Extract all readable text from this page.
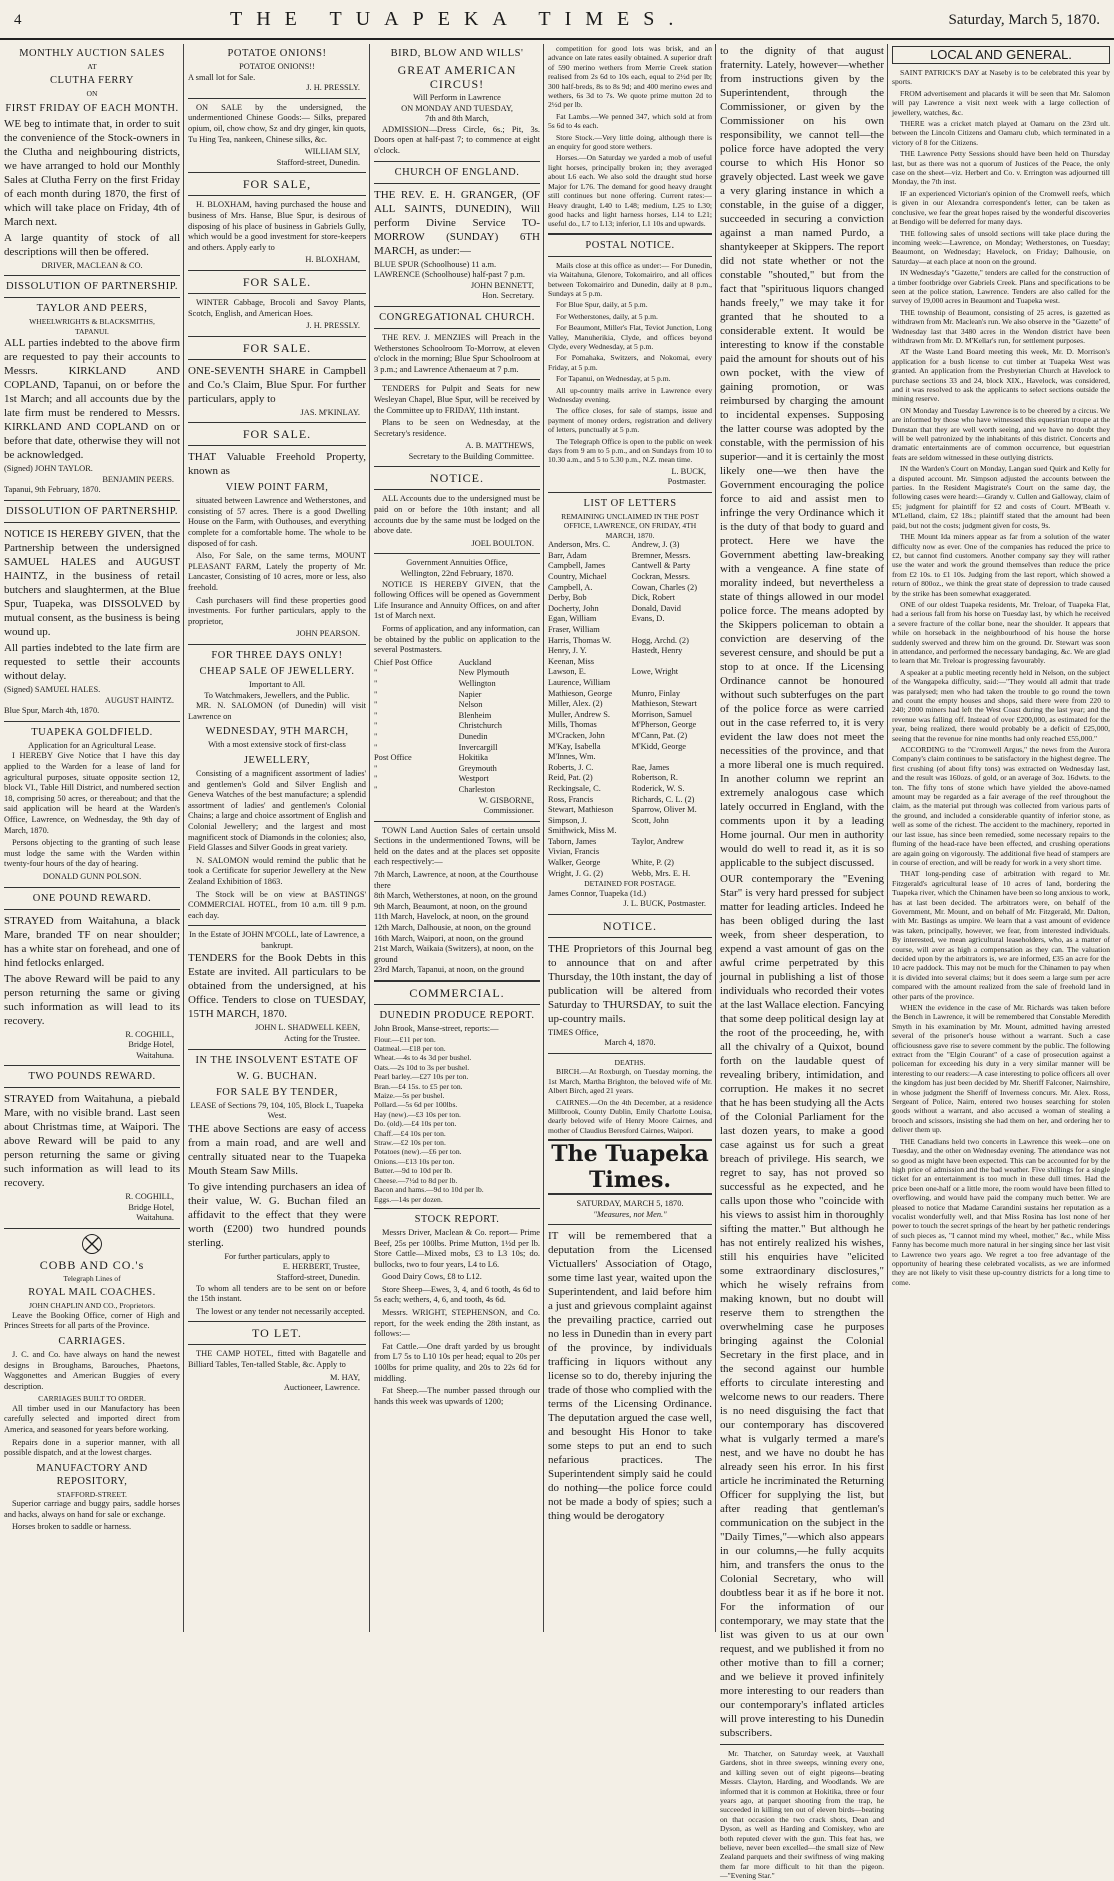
4	THE TUAPEKA TIMES.	Saturday, March 5, 1870.
MONTHLY AUCTION SALES
AT
CLUTHA FERRY
ON
FIRST FRIDAY OF EACH MONTH.

WE beg to intimate that, in order to suit the convenience of the Stock-owners in the Clutha and neighbouring districts, we have arranged to hold our Monthly Sales at Clutha Ferry on the first Friday of each month during 1870, the first of which will take place on Friday, 4th of March next.

A large quantity of stock of all descriptions will then be offered.

DRIVER, MACLEAN & CO.
DISSOLUTION OF PARTNERSHIP.
TAYLOR AND PEERS,
WHEELWRIGHTS & BLACKSMITHS,
TAPANUI.

ALL parties indebted to the above firm are requested to pay their accounts to Messrs. KIRKLAND AND COPLAND, Tapanui, on or before the 1st March; and all accounts due by the late firm must be rendered to Messrs. KIRKLAND AND COPLAND on or before that date, otherwise they will not be acknowledged.

(Signed) JOHN TAYLOR.
BENJAMIN PEERS.
Tapanui, 9th February, 1870.
DISSOLUTION OF PARTNERSHIP.

NOTICE IS HEREBY GIVEN, that the Partnership between the undersigned SAMUEL HALES and AUGUST HAINTZ, in the business of retail butchers and slaughtermen, at the Blue Spur, Tuapeka, was DISSOLVED by mutual consent, as the business is being wound up.

All parties indebted to the late firm are requested to settle their accounts without delay.

(Signed) SAMUEL HALES.
AUGUST HAINTZ.
Blue Spur, March 4th, 1870.
TUAPEKA GOLDFIELD.
Application for an Agricultural Lease.

I HEREBY Give Notice that I have this day applied to the Warden for a lease of land for agricultural purposes, situate opposite section 12, block VI., Table Hill District, and numbered section 18, comprising 50 acres, or thereabout; and that the said application will be heard at the Warden's Office, Lawrence, on Wednesday, the 9th day of March, 1870.

Persons objecting to the granting of such lease must lodge the same with the Warden within twenty-four hours of the day of hearing.

DONALD GUNN POLSON.
ONE POUND REWARD.

STRAYED from Waitahuna, a black Mare, branded TF on near shoulder; has a white star on forehead, and one of hind fetlocks enlarged.

The above Reward will be paid to any person returning the same or giving such information as will lead to its recovery.

R. COGHILL,
Bridge Hotel,
Waitahuna.
TWO POUNDS REWARD.

STRAYED from Waitahuna, a piebald Mare, with no visible brand. Last seen about Christmas time, at Waipori. The above Reward will be paid to any person returning the same or giving such information as will lead to its recovery.

R. COGHILL,
Bridge Hotel,
Waitahuna.
⛒
COBB AND CO.'s
Telegraph Lines of
ROYAL MAIL COACHES.
JOHN CHAPLIN AND CO., Proprietors.

Leave the Booking Office, corner of High and Princes Streets for all parts of the Province.

CARRIAGES.

J. C. and Co. have always on hand the newest designs in Broughams, Barouches, Phaetons, Waggonettes and American Buggies of every description.

CARRIAGES BUILT TO ORDER.

All timber used in our Manufactory has been carefully selected and imported direct from America, and seasoned for years before working.

Repairs done in a superior manner, with all possible dispatch, and at the lowest charges.

MANUFACTORY AND REPOSITORY,
STAFFORD-STREET.

Superior carriage and buggy pairs, saddle horses and hacks, always on hand for sale or exchange.

Horses broken to saddle or harness.

POTATOE ONIONS!
POTATOE ONIONS!!
A small lot for Sale.
J. H. PRESSLY.

ON SALE by the undersigned, the undermentioned Chinese Goods:— Silks, prepared opium, oil, chow chow, Sz and dry ginger, kin quots, Tu Hing Tea, nankeen, Chinese silks, &c.

WILLIAM SLY,
Stafford-street, Dunedin.
FOR SALE,

H. BLOXHAM, having purchased the house and business of Mrs. Hanse, Blue Spur, is desirous of disposing of his place of business in Gabriels Gully, which would be a good investment for store-keepers and others. Apply early to

H. BLOXHAM,
FOR SALE.

WINTER Cabbage, Brocoli and Savoy Plants, Scotch, English, and American Hoes.

J. H. PRESSLY.
FOR SALE.

ONE-SEVENTH SHARE in Campbell and Co.'s Claim, Blue Spur. For further particulars, apply to

JAS. M'KINLAY.
FOR SALE.

THAT Valuable Freehold Property, known as

VIEW POINT FARM,

situated between Lawrence and Wetherstones, and consisting of 57 acres. There is a good Dwelling House on the Farm, with Outhouses, and everything complete for a comfortable home. The whole to be disposed of for cash.

Also, For Sale, on the same terms, MOUNT PLEASANT FARM, Lately the property of Mr. Lancaster, Consisting of 10 acres, more or less, also freehold.

Cash purchasers will find these properties good investments. For further particulars, apply to the proprietor,

JOHN PEARSON.
FOR THREE DAYS ONLY!
CHEAP SALE OF JEWELLERY.
Important to All.
To Watchmakers, Jewellers, and the Public.

MR. N. SALOMON (of Dunedin) will visit Lawrence on

WEDNESDAY, 9TH MARCH,
With a most extensive stock of first-class
JEWELLERY,

Consisting of a magnificent assortment of ladies' and gentlemen's Gold and Silver English and Geneva Watches of the best manufacture; a splendid assortment of ladies' and gentlemen's Colonial Chains; a large and choice assortment of English and Colonial Jewellery; and the largest and most magnificent stock of Diamonds in the colonies; also, Field Glasses and Silver Goods in great variety.

N. SALOMON would remind the public that he took a Certificate for superior Jewellery at the New Zealand Exhibition of 1863.

The Stock will be on view at BASTINGS' COMMERCIAL HOTEL, from 10 a.m. till 9 p.m. each day.

In the Estate of JOHN M'COLL, late of Lawrence, a bankrupt.

TENDERS for the Book Debts in this Estate are invited. All particulars to be obtained from the undersigned, at his Office. Tenders to close on TUESDAY, 15TH MARCH, 1870.

JOHN L. SHADWELL KEEN,
Acting for the Trustee.
IN THE INSOLVENT ESTATE OF
W. G. BUCHAN.
FOR SALE BY TENDER,
LEASE of Sections 79, 104, 105, Block I., Tuapeka West.

THE above Sections are easy of access from a main road, and are well and centrally situated near to the Tuapeka Mouth Steam Saw Mills.

To give intending purchasers an idea of their value, W. G. Buchan filed an affidavit to the effect that they were worth (£200) two hundred pounds sterling.

For further particulars, apply to
E. HERBERT, Trustee,
Stafford-street, Dunedin.

To whom all tenders are to be sent on or before the 15th instant.

The lowest or any tender not necessarily accepted.

TO LET.

THE CAMP HOTEL, fitted with Bagatelle and Billiard Tables, Ten-talled Stable, &c. Apply to

M. HAY,
Auctioneer, Lawrence.
BIRD, BLOW AND WILLS'
GREAT AMERICAN CIRCUS!
Will Perform in Lawrence
ON MONDAY AND TUESDAY,
7th and 8th March,

ADMISSION—Dress Circle, 6s.; Pit, 3s. Doors open at half-past 7; to commence at eight o'clock.

CHURCH OF ENGLAND.

THE REV. E. H. GRANGER, (OF ALL SAINTS, DUNEDIN), Will perform Divine Service TO-MORROW (SUNDAY) 6TH MARCH, as under:—

BLUE SPUR (Schoolhouse) 11 a.m.
LAWRENCE (Schoolhouse) half-past 7 p.m.
JOHN BENNETT,
Hon. Secretary.
CONGREGATIONAL CHURCH.

THE REV. J. MENZIES will Preach in the Wetherstones Schoolroom To-Morrow, at eleven o'clock in the morning; Blue Spur Schoolroom at 3 p.m.; and Lawrence Athenaeum at 7 p.m.

TENDERS for Pulpit and Seats for new Wesleyan Chapel, Blue Spur, will be received by the Committee up to FRIDAY, 11th instant.

Plans to be seen on Wednesday, at the Secretary's residence.

A. B. MATTHEWS,
Secretary to the Building Committee.
NOTICE.

ALL Accounts due to the undersigned must be paid on or before the 10th instant; and all accounts due by the same must be lodged on the above date.

JOEL BOULTON.
Government Annuities Office,
Wellington, 22nd February, 1870.

NOTICE IS HEREBY GIVEN, that the following Offices will be opened as Government Life Insurance and Annuity Offices, on and after 1st of March next.

Forms of application, and any information, can be obtained by the public on application to the several Postmasters.

Chief Post Office	Auckland
"	New Plymouth
"	Wellington
"	Napier
"	Nelson
"	Blenheim
"	Christchurch
"	Dunedin
"	Invercargill
Post Office	Hokitika
"	Greymouth
"	Westport
"	Charleston
W. GISBORNE,
Commissioner.

TOWN Land Auction Sales of certain unsold Sections in the undermentioned Towns, will be held on the dates and at the places set opposite each respectively:—

7th March, Lawrence, at noon, at the Courthouse there
8th March, Wetherstones, at noon, on the ground
9th March, Beaumont, at noon, on the ground
11th March, Havelock, at noon, on the ground
12th March, Dalhousie, at noon, on the ground
16th March, Waipori, at noon, on the ground
21st March, Waikaia (Switzers), at noon, on the ground
23rd March, Tapanui, at noon, on the ground
COMMERCIAL.
DUNEDIN PRODUCE REPORT.
John Brook, Manse-street, reports:—
Flour.—£11 per ton.
Oatmeal.—£18 per ton.
Wheat.—4s to 4s 3d per bushel.
Oats.—2s 10d to 3s per bushel.
Pearl barley.—£27 10s per ton.
Bran.—£4 15s. to £5 per ton.
Maize.—5s per bushel.
Pollard.—5s 6d per 100lbs.
Hay (new).—£3 10s per ton.
Do. (old).—£4 10s per ton.
Chaff.—£4 10s per ton.
Straw.—£2 10s per ton.
Potatoes (new).—£6 per ton.
Onions.—£13 10s per ton.
Butter.—9d to 10d per lb.
Cheese.—7½d to 8d per lb.
Bacon and hams.—9d to 10d per lb.
Eggs.—14s per dozen.
STOCK REPORT.

Messrs Driver, Maclean & Co. report— Prime Beef, 25s per 100lbs. Prime Mutton, 1½d per lb. Store Cattle—Mixed mobs, £3 to L3 10s; do. bullocks, two to four years, L4 to L6.

Good Dairy Cows, £8 to L12.

Store Sheep—Ewes, 3, 4, and 6 tooth, 4s 6d to 5s each; wethers, 4, 6, and tooth, 4s 6d.

Messrs. WRIGHT, STEPHENSON, and Co. report, for the week ending the 28th instant, as follows:—

Fat Cattle.—One draft yarded by us brought from L7 5s to L10 10s per head; equal to 20s per 100lbs for prime quality, and 20s to 22s 6d for middling.

Fat Sheep.—The number passed through our hands this week was upwards of 1200;

competition for good lots was brisk, and an advance on late rates easily obtained. A superior draft of 590 merino wethers from Merrie Creek station realised from 2s 6d to 10s each, equal to 2½d per lb; 300 half-breds, 8s to 8s 9d; and 400 merino ewes and wethers, 6s 3d to 7s. We quote prime mutton 2d to 2½d per lb.

Fat Lambs.—We penned 347, which sold at from 5s 6d to 4s each.

Store Stock.—Very little doing, although there is an enquiry for good store wethers.

Horses.—On Saturday we yarded a mob of useful light horses, principally broken in; they averaged about L6 each. We also sold the draught stud horse Major for L76. The demand for good heavy draught still continues but none offering. Current rates:— Heavy draught, L40 to L48; medium, L25 to L30; good hacks and light harness horses, L14 to L21; useful do., L7 to L13; inferior, L1 10s and upwards.

POSTAL NOTICE.

Mails close at this office as under:— For Dunedin, via Waitahuna, Glenore, Tokomairiro, and all offices between Tokomairiro and Dunedin, daily at 8 p.m., Sundays at 5 p.m.

For Blue Spur, daily, at 5 p.m.

For Wetherstones, daily, at 5 p.m.

For Beaumont, Miller's Flat, Teviot Junction, Long Valley, Manuherikia, Clyde, and offices beyond Clyde, every Wednesday, at 5 p.m.

For Pomahaka, Switzers, and Nokomai, every Friday, at 5 p.m.

For Tapanui, on Wednesday, at 5 p.m.

All up-country mails arrive in Lawrence every Wednesday evening.

The office closes, for sale of stamps, issue and payment of money orders, registration and delivery of letters, punctually at 5 p.m.

The Telegraph Office is open to the public on week days from 9 am to 5 p.m., and on Sundays from 10 to 10.30 a.m., and 5 to 5.30 p.m., N.Z. mean time.

L. BUCK,
Postmaster.
LIST OF LETTERS
REMAINING UNCLAIMED IN THE POST OFFICE, LAWRENCE, ON FRIDAY, 4TH MARCH, 1870.
Anderson, Mrs. C.	Andrew, J. (3)
Barr, Adam	Bremner, Messrs.
Campbell, James	Cantwell & Party
Country, Michael	Cockran, Messrs.
Campbell, A.	Cowan, Charles (2)
Derby, Bob	Dick, Robert
Docherty, John	Donald, David
Egan, William	Evans, D.
Fraser, William
Harris, Thomas W.	Hogg, Archd. (2)
Henry, J. Y.	Hastedt, Henry
Keenan, Miss
Lawson, E.	Lowe, Wright
Laurence, William
Mathieson, George	Munro, Finlay
Miller, Alex. (2)	Mathieson, Stewart
Muller, Andrew S.	Morrison, Samuel
Mills, Thomas	M'Pherson, George
M'Cracken, John	M'Cann, Pat. (2)
M'Kay, Isabella	M'Kidd, George
M'Innes, Wm.
Roberts, J. C.	Rae, James
Reid, Pat. (2)	Robertson, R.
Reckingsale, C.	Roderick, W. S.
Ross, Francis	Richards, C. L. (2)
Stewart, Mathieson	Sparrow, Oliver M.
Simpson, J.	Scott, John
Smithwick, Miss M.
Taborn, James	Taylor, Andrew
Vivian, Francis
Walker, George	White, P. (2)
Wright, J. G. (2)	Webb, Mrs. E. H.
DETAINED FOR POSTAGE.
James Connor, Tuapeka (1d.)
J. L. BUCK, Postmaster.
NOTICE.

THE Proprietors of this Journal beg to announce that on and after Thursday, the 10th instant, the day of publication will be altered from Saturday to THURSDAY, to suit the up-country mails.

TIMES Office,
March 4, 1870.
DEATHS.

BIRCH.—At Roxburgh, on Tuesday morning, the 1st March, Martha Brighton, the beloved wife of Mr. Albert Birch, aged 21 years.

CAIRNES.—On the 4th December, at a residence Millbrook, County Dublin, Emily Charlotte Louisa, dearly beloved wife of Henry Moore Cairnes, and mother of Claudius Beresford Cairnes, Waipori.

The Tuapeka Times.
SATURDAY, MARCH 5, 1870.
"Measures, not Men."

IT will be remembered that a deputation from the Licensed Victuallers' Association of Otago, some time last year, waited upon the Superintendent, and laid before him a just and grievous complaint against the prevailing practice, carried out no less in Dunedin than in every part of the province, by individuals trafficing in liquors without any license so to do, thereby injuring the trade of those who complied with the terms of the Licensing Ordinance. The deputation argued the case well, and besought His Honor to take some steps to put an end to such nefarious practices. The Superintendent simply said he could do nothing—the police force could not be made a body of spies; such a thing would be derogatory

to the dignity of that august fraternity. Lately, however—whether from instructions given by the Superintendent, through the Commissioner, or given by the Commissioner on his own responsibility, we cannot tell—the police force have adopted the very course to which His Honor so gravely objected. Last week we gave a very glaring instance in which a constable, in the guise of a digger, succeeded in securing a conviction against a man named Purdo, a shantykeeper at Skippers. The report did not state whether or not the constable "shouted," but from the fact that "spirituous liquors changed hands freely," we may take it for granted that he shouted to a considerable extent. It would be interesting to know if the constable paid the amount for shouts out of his own pocket, with the view of gaining promotion, or was reimbursed by charging the amount to incidental expenses. Supposing the latter course was adopted by the constable, with the permission of his superior—and it is certainly the most likely one—we then have the Government encouraging the police force to aid and assist men to infringe the very Ordinance which it is the duty of that body to guard and protect. Here we have the Government abetting law-breaking with a vengeance. A fine state of morality indeed, but nevertheless a state of things allowed in our model police force. The means adopted by the Skippers policeman to obtain a conviction are deserving of the severest censure, and should be put a stop to at once. If the Licensing Ordinance cannot be honoured without such subterfuges on the part of the police force as were carried out in the case referred to, it is very evident the law does not meet the necessities of the province, and that a more liberal one is much required. In another column we reprint an extremely analogous case which lately occurred in England, with the comments upon it by a leading Home journal. Our men in authority would do well to read it, as it is so applicable to the subject discussed.

OUR contemporary the "Evening Star" is very hard pressed for subject matter for leading articles. Indeed he has been obliged during the last week, from sheer desperation, to expend a vast amount of gas on the awful crime perpetrated by this journal in publishing a list of those individuals who recorded their votes at the last Wallace election. Fancying that some deep political design lay at the root of the proceeding, he, with all the chivalry of a Quixot, bound forth on the laudable quest of revealing bribery, intimidation, and corruption. He makes it no secret that he has been studying all the Acts of the Colonial Parliament for the last dozen years, to make a good case against us for such a great breach of privilege. His search, we regret to say, has not proved so successful as he expected, and he calls upon those who "coincide with his views to assist him in thoroughly sifting the matter." But although he has not entirely realized his wishes, still his enquiries have "elicited some extraordinary disclosures," which he wisely refrains from making known, but no doubt will reserve them to strengthen the overwhelming case he purposes bringing against the Colonial Secretary in the first place, and in the second against our humble efforts to circulate interesting and welcome news to our readers. There is no need disguising the fact that our contemporary has discovered what is vulgarly termed a mare's nest, and we have no doubt he has already seen his error. In his first article he incriminated the Returning Officer for supplying the list, but after reading that gentleman's communication on the subject in the "Daily Times,"—which also appears in our columns,—he fully acquits him, and transfers the onus to the Colonial Secretary, who will doubtless bear it as if he bore it not. For the information of our contemporary, we may state that the list was given to us at our own request, and we published it from no other motive than to fill a corner; and we believe it proved infinitely more interesting to our readers than our contemporary's inflated articles will prove interesting to his Dunedin subscribers.

Mr. Thatcher, on Saturday week, at Vauxhall Gardens, shot in three sweeps, winning every one, and killing seven out of eight pigeons—beating Messrs. Clayton, Harding, and Woodlands. We are informed that it is common at Hokitika, three or four years ago, at parquet shooting from the trap, he succeeded in killing ten out of eleven birds—beating on that occasion the two crack shots, Dean and Dyson, as well as Harding and Comiskey, who are both reputed clever with the gun. This feat has, we believe, never been excelled—the small size of New Zealand parquets and their swiftness of wing making them far more difficult to hit than the pigeon.—"Evening Star."

LOCAL AND GENERAL.

SAINT PATRICK'S DAY at Naseby is to be celebrated this year by sports.

FROM advertisement and placards it will be seen that Mr. Salomon will pay Lawrence a visit next week with a large collection of jewellery, watches, &c.

THERE was a cricket match played at Oamaru on the 23rd ult. between the Lincoln Citizens and Oamaru club, which terminated in a victory of 8 for the Citizens.

THE Lawrence Petty Sessions should have been held on Thursday last, but as there was not a quorum of Justices of the Peace, the only case on the sheet—viz. Herbert and Co. v. Errington was adjourned till Monday, the 7th inst.

IF an experienced Victorian's opinion of the Cromwell reefs, which is given in our Alexandra correspondent's letter, can be taken as conclusive, we fear the great hopes raised by the wonderful discoveries at Bendigo will be deferred for many days.

THE following sales of unsold sections will take place during the incoming week:—Lawrence, on Monday; Wetherstones, on Tuesday; Beaumont, on Wednesday; Havelock, on Friday; Dalhousie, on Saturday—at each place at noon on the ground.

IN Wednesday's "Gazette," tenders are called for the construction of a timber footbridge over Gabriels Creek. Plans and specifications to be seen at the police station, Lawrence. Tenders are also called for the survey of 19,000 acres in Beaumont and Tuapeka west.

THE township of Beaumont, consisting of 25 acres, is gazetted as withdrawn from Mr. Maclean's run. We also observe in the "Gazette" of Wednesday last that 3480 acres in the Wendon district have been withdrawn from Mr. D. M'Kellar's run, for settlement purposes.

AT the Waste Land Board meeting this week, Mr. D. Morrison's application for a bush license to cut timber at Tuapeka West was granted. An application from the Presbyterian Church at Havelock to purchase sections 33 and 24, block XIX., Havelock, was considered, and it was resolved to ask the applicants to select sections outside the mining reserve.

ON Monday and Tuesday Lawrence is to be cheered by a circus. We are informed by those who have witnessed this equestrian troupe at the Dunstan that they are well worth seeing, and we have no doubt they will be well patronized by the inhabitants of this district. Concerts and dramatic entertainments are of common occurrence, but equestrian feats are seldom witnessed in these outlying districts.

IN the Warden's Court on Monday, Langan sued Quirk and Kelly for a disputed account. Mr. Simpson adjusted the accounts between the parties. In the Resident Magistrate's Court on the same day, the following cases were heard:—Grandy v. Cullen and Galloway, claim of £5; judgment for plaintiff for £2 and costs of Court. M'Beath v. M'Lelland, claim, £2 18s.; plaintiff stated that the amount had been paid, but not the costs; judgment given for costs, 9s.

THE Mount Ida miners appear as far from a solution of the water difficulty now as ever. One of the companies has reduced the price to £2, but cannot find customers. Another company say they will rather use the water and work the ground themselves than reduce the price from £2 10s. to £1 10s. Judging from the last report, which showed a return of 800oz., we think the great state of depression to trade caused by the strike has been somewhat exaggerated.

ONE of our oldest Tuapeka residents, Mr. Treloar, of Tuapeka Flat, had a serious fall from his horse on Tuesday last, by which he received a severe fracture of the collar bone, near the shoulder. It appears that while on horseback in the neighbourhood of his house the horse suddenly swerved and threw him on the ground. Dr. Stewart was soon in attendance, and performed the necessary bandaging, &c. We are glad to learn that Mr. Treloar is progressing favourably.

A speaker at a public meeting recently held in Nelson, on the subject of the Wangapeka difficulty, said:—"They would all admit that trade was paralysed; men who had taken the trouble to go round the town and count the empty houses and shops, said there were from 220 to 240; 2000 miners had left the West Coast during the last year; and the revenue was falling off. Instead of over £200,000, as estimated for the year, being realized, there would probably be a deficit of £25,000, seeing that the revenue for nine months had only reached £55,000."

ACCORDING to the "Cromwell Argus," the news from the Aurora Company's claim continues to be satisfactory in the highest degree. The first crushing (of about fifty tons) was extracted on Wednesday last, and the result was 160ozs. of gold, or an average of 3oz. 16dwts. to the ton. The fifty tons of stone which have yielded the above-named amount may be regarded as a fair average of the reef throughout the claim, as the material put through was collected from various parts of the ground, and included a considerable quantity of inferior stone, as well as some of the richest. The accident to the machinery, reported in our last issue, has since been remedied, some necessary repairs to the fluming of the head-race have been effected, and crushing operations are again going on vigorously. The additional five head of stampers are in course of erection, and will be ready for work in a very short time.

THAT long-pending case of arbitration with regard to Mr. Fitzgerald's agricultural lease of 10 acres of land, bordering the Tuapeka river, which the Chinamen have been so long anxious to work, has at last been decided. The arbitrators were, on behalf of the Government, Mr. Mount, and on behalf of Mr. Fitzgerald, Mr. Dalton, with Mr. Bastings as umpire. We learn that a vast amount of evidence was taken, principally, however, we fear, from interested individuals. By interested, we mean agricultural leaseholders, who, as a matter of course, will aver as high a compensation as they can. The valuation decided upon by the arbitrators is, we are informed, £35 an acre for the 10 acre paddock. This may not be much for the Chinamen to pay when it is divided into several claims; but it does seem a large sum per acre compared with the amount realized from the sale of freehold land in other parts of the province.

WHEN the evidence in the case of Mr. Richards was taken before the Bench in Lawrence, it will be remembered that Constable Meredith Smyth in his examination by Mr. Mount, admitted having arrested several of the prisoner's house without a warrant. Such a case officiousness gave rise to severe comment by the public. The following extract from the "Elgin Courant" of a case of prosecution against a policeman for exceeding his duty in a very similar manner will be interesting to our readers:—A case interesting to police officers all over the kingdom has just been decided by Mr. Sheriff Falconer, Nairnshire, in whose judgment the Sheriff of Inverness concurs. Mr. Alex. Ross, Sergeant of Police, Nairn, entered two houses searching for stolen goods without a warrant, and also accused a woman of stealing a brooch and scissors, insisting she had them on her, and ordering her to deliver them up.

THE Canadians held two concerts in Lawrence this week—one on Tuesday, and the other on Wednesday evening. The attendance was not so good as might have been expected. This can be accounted for by the high price of admission and the bad weather. Five shillings for a single ticket for an entertainment is too much in these dull times. Had the price been one-half or a little more, the room would have been filled to overflowing, and would have paid the company much better. We are pleased to notice that Madame Carandini sustains her reputation as a vocalist wonderfully well, and that Miss Rosina has lost none of her power to touch the secret springs of the heart by her pathetic renderings of such pieces as, "I cannot mind my wheel, mother," &c., while Miss Fanny has become much more natural in her singing since her last visit to Lawrence two years ago. We regret a too free advantage of the opportunity of hearing these celebrated vocalists, as we are informed they are not likely to visit these up-country districts for a long time to come.
